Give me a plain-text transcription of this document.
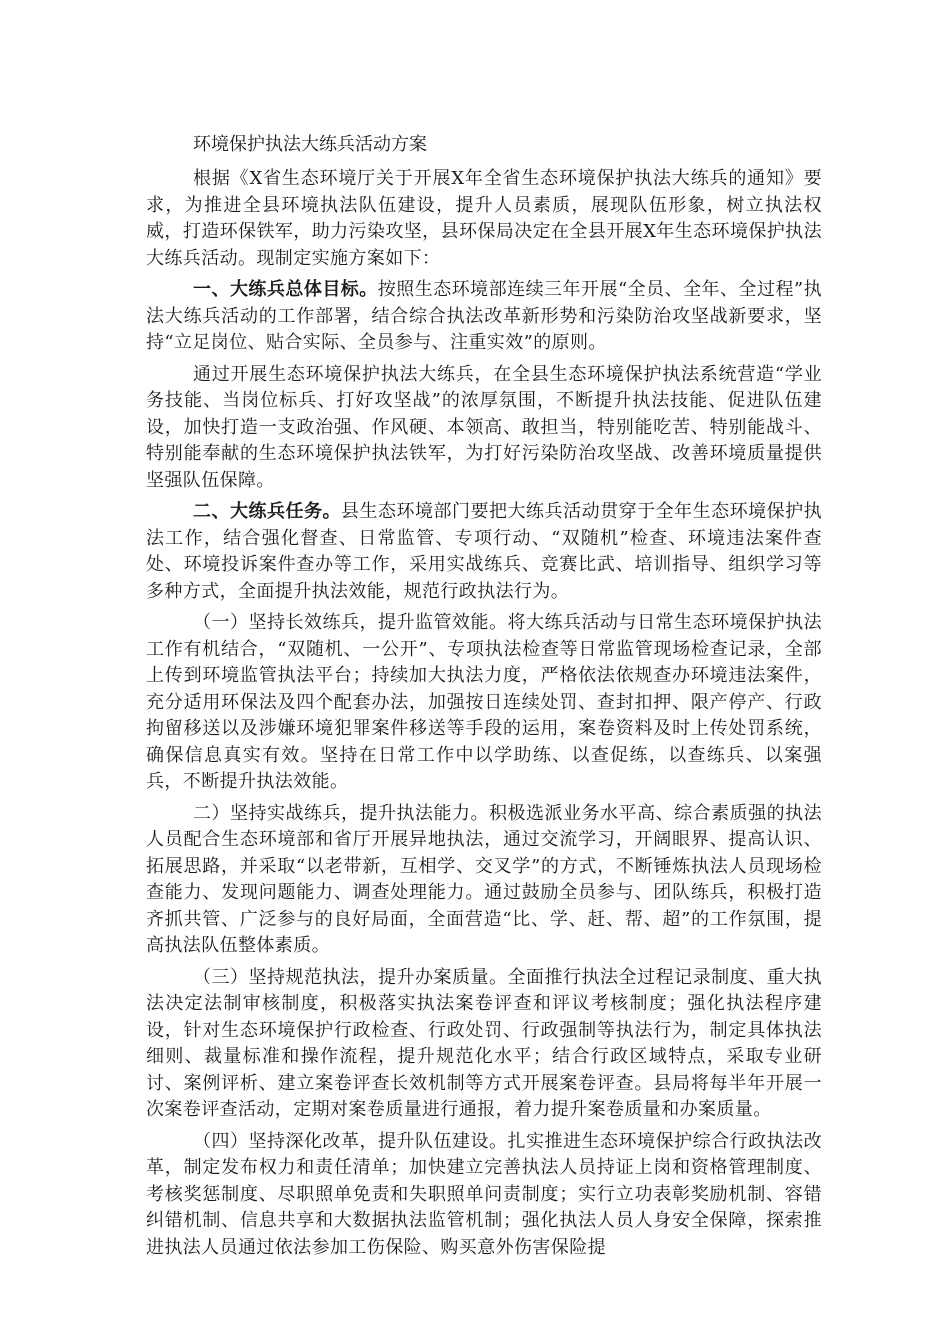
环境保护执法大练兵活动方案

根据《X省生态环境厅关于开展X年全省生态环境保护执法大练兵的通知》要求，为推进全县环境执法队伍建设，提升人员素质，展现队伍形象，树立执法权威，打造环保铁军，助力污染攻坚，县环保局决定在全县开展X年生态环境保护执法大练兵活动。现制定实施方案如下：

一、大练兵总体目标。按照生态环境部连续三年开展“全员、全年、全过程”执法大练兵活动的工作部署，结合综合执法改革新形势和污染防治攻坚战新要求，坚持“立足岗位、贴合实际、全员参与、注重实效”的原则。

通过开展生态环境保护执法大练兵，在全县生态环境保护执法系统营造“学业务技能、当岗位标兵、打好攻坚战”的浓厚氛围，不断提升执法技能、促进队伍建设，加快打造一支政治强、作风硬、本领高、敢担当，特别能吃苦、特别能战斗、特别能奉献的生态环境保护执法铁军，为打好污染防治攻坚战、改善环境质量提供坚强队伍保障。

二、大练兵任务。县生态环境部门要把大练兵活动贯穿于全年生态环境保护执法工作，结合强化督查、日常监管、专项行动、“双随机”检查、环境违法案件查处、环境投诉案件查办等工作，采用实战练兵、竞赛比武、培训指导、组织学习等多种方式，全面提升执法效能，规范行政执法行为。

（一）坚持长效练兵，提升监管效能。将大练兵活动与日常生态环境保护执法工作有机结合，“双随机、一公开”、专项执法检查等日常监管现场检查记录，全部上传到环境监管执法平台；持续加大执法力度，严格依法依规查办环境违法案件，充分适用环保法及四个配套办法，加强按日连续处罚、查封扣押、限产停产、行政拘留移送以及涉嫌环境犯罪案件移送等手段的运用，案卷资料及时上传处罚系统，确保信息真实有效。坚持在日常工作中以学助练、以查促练，以查练兵、以案强兵，不断提升执法效能。

二）坚持实战练兵，提升执法能力。积极选派业务水平高、综合素质强的执法人员配合生态环境部和省厅开展异地执法，通过交流学习，开阔眼界、提高认识、拓展思路，并采取“以老带新，互相学、交叉学”的方式，不断锤炼执法人员现场检查能力、发现问题能力、调查处理能力。通过鼓励全员参与、团队练兵，积极打造齐抓共管、广泛参与的良好局面，全面营造“比、学、赶、帮、超”的工作氛围，提高执法队伍整体素质。

（三）坚持规范执法，提升办案质量。全面推行执法全过程记录制度、重大执法决定法制审核制度，积极落实执法案卷评查和评议考核制度；强化执法程序建设，针对生态环境保护行政检查、行政处罚、行政强制等执法行为，制定具体执法细则、裁量标准和操作流程，提升规范化水平；结合行政区域特点，采取专业研讨、案例评析、建立案卷评查长效机制等方式开展案卷评查。县局将每半年开展一次案卷评查活动，定期对案卷质量进行通报，着力提升案卷质量和办案质量。

（四）坚持深化改革，提升队伍建设。扎实推进生态环境保护综合行政执法改革，制定发布权力和责任清单；加快建立完善执法人员持证上岗和资格管理制度、考核奖惩制度、尽职照单免责和失职照单问责制度；实行立功表彰奖励机制、容错纠错机制、信息共享和大数据执法监管机制；强化执法人员人身安全保障，探索推进执法人员通过依法参加工伤保险、购买意外伤害保险提
